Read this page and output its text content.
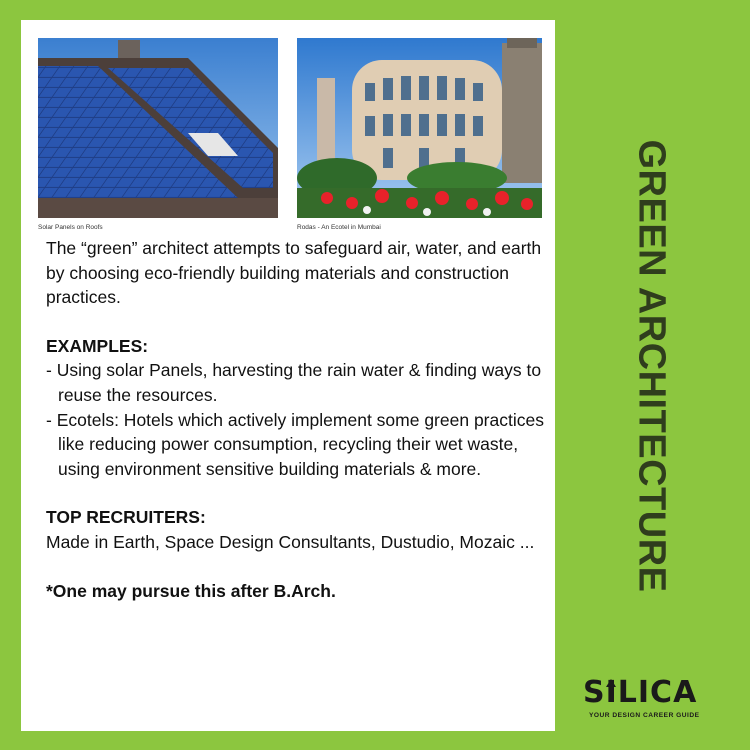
Solar Panels on Roofs	Rodas - An Ecotel in Mumbai

The “green” architect attempts to safeguard air, water, and earth by choosing eco-friendly building materials and construction practices.

EXAMPLES:

- Using solar Panels, harvesting the rain water & finding ways to reuse the resources.

- Ecotels: Hotels which actively implement some green practices like reducing power consumption, recycling their wet waste, using environment sensitive building materials & more.

TOP RECRUITERS:

Made in Earth, Space Design Consultants, Dustudio, Mozaic ...

*One may pursue this after B.Arch.	GREEN ARCHITECTURE
SILICA
YOUR DESIGN CAREER GUIDE
